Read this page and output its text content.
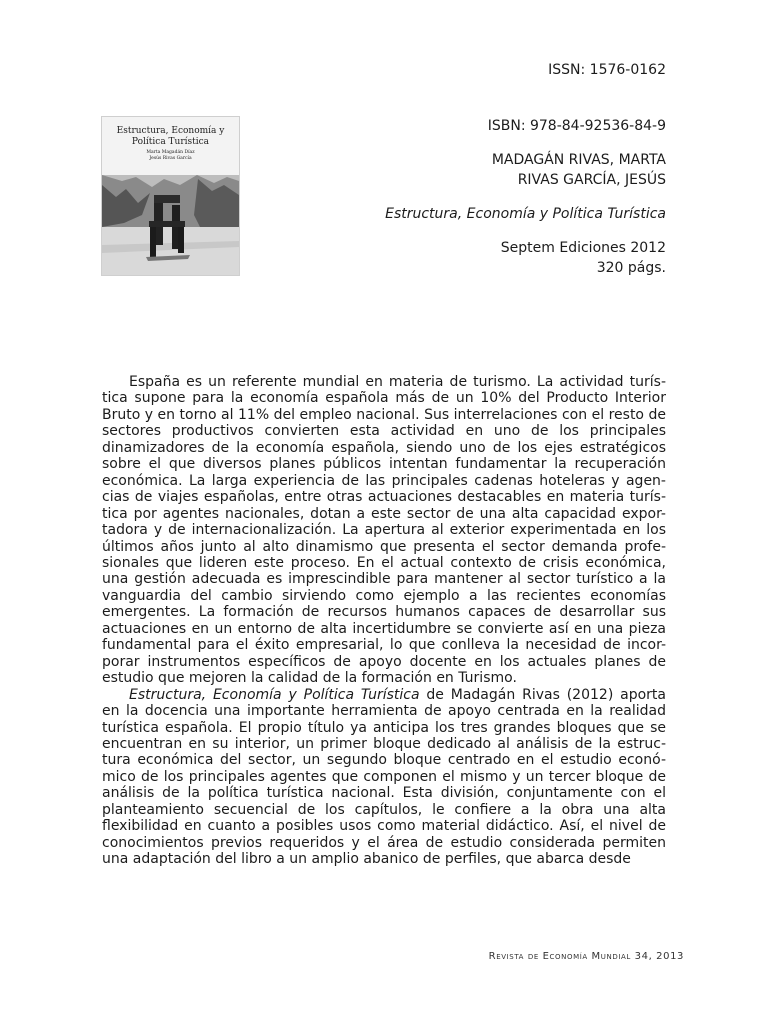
ISSN: 1576-0162

Estructura, Economía y
Política Turística

Marta Magadán Díaz
Jesús Rivas García

ISBN: 978-84-92536-84-9

MADAGÁN RIVAS, MARTA
RIVAS GARCÍA, JESÚS

Estructura, Economía y Política Turística

Septem Ediciones 2012
320 págs.

España es un referente mundial en materia de turismo. La actividad turís-tica supone para la economía española más de un 10% del Producto Interior Bruto y en torno al 11% del empleo nacional. Sus interrelaciones con el resto de sectores productivos convierten esta actividad en uno de los principales dinamizadores de la economía española, siendo uno de los ejes estratégicos sobre el que diversos planes públicos intentan fundamentar la recuperación económica. La larga experiencia de las principales cadenas hoteleras y agen-cias de viajes españolas, entre otras actuaciones destacables en materia turís-tica por agentes nacionales, dotan a este sector de una alta capacidad expor-tadora y de internacionalización. La apertura al exterior experimentada en los últimos años junto al alto dinamismo que presenta el sector demanda profe-sionales que lideren este proceso. En el actual contexto de crisis económica, una gestión adecuada es imprescindible para mantener al sector turístico a la vanguardia del cambio sirviendo como ejemplo a las recientes economías emergentes. La formación de recursos humanos capaces de desarrollar sus actuaciones en un entorno de alta incertidumbre se convierte así en una pieza fundamental para el éxito empresarial, lo que conlleva la necesidad de incor-porar instrumentos específicos de apoyo docente en los actuales planes de estudio que mejoren la calidad de la formación en Turismo.

Estructura, Economía y Política Turística de Madagán Rivas (2012) aporta en la docencia una importante herramienta de apoyo centrada en la realidad turística española. El propio título ya anticipa los tres grandes bloques que se encuentran en su interior, un primer bloque dedicado al análisis de la estruc-tura económica del sector, un segundo bloque centrado en el estudio econó-mico de los principales agentes que componen el mismo y un tercer bloque de análisis de la política turística nacional. Esta división, conjuntamente con el planteamiento secuencial de los capítulos, le confiere a la obra una alta flexibilidad en cuanto a posibles usos como material didáctico. Así, el nivel de conocimientos previos requeridos y el área de estudio considerada permiten una adaptación del libro a un amplio abanico de perfiles, que abarca desde

Revista de Economía Mundial 34, 2013
